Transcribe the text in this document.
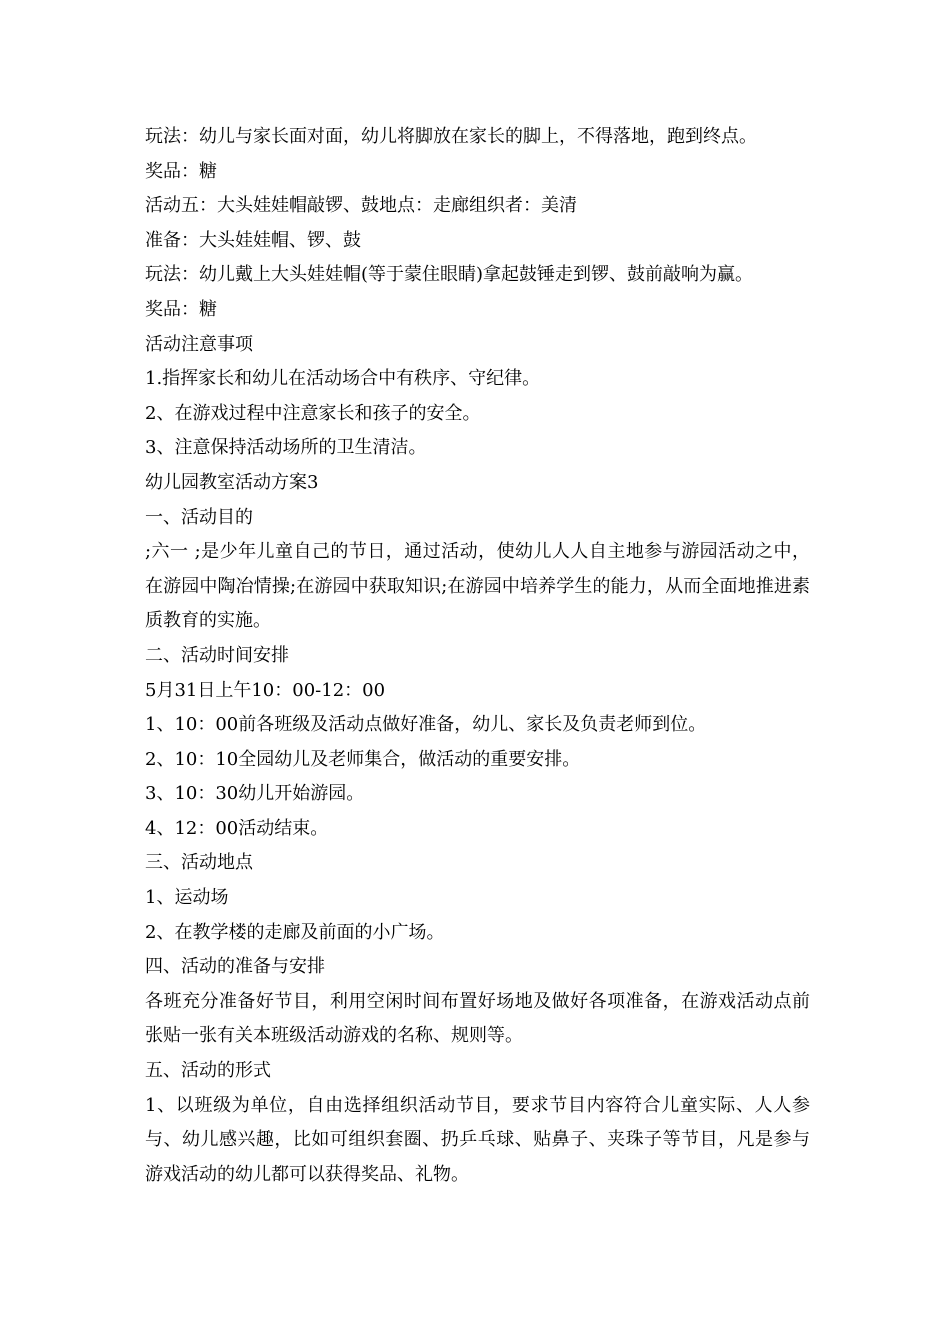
玩法：幼儿与家长面对面，幼儿将脚放在家长的脚上，不得落地，跑到终点。

奖品：糖

活动五：大头娃娃帽敲锣、鼓地点：走廊组织者：美清

准备：大头娃娃帽、锣、鼓

玩法：幼儿戴上大头娃娃帽(等于蒙住眼睛)拿起鼓锤走到锣、鼓前敲响为赢。

奖品：糖

活动注意事项

1.指挥家长和幼儿在活动场合中有秩序、守纪律。

2、在游戏过程中注意家长和孩子的安全。

3、注意保持活动场所的卫生清洁。

幼儿园教室活动方案3

一、活动目的

;六一 ;是少年儿童自己的节日，通过活动，使幼儿人人自主地参与游园活动之中，在游园中陶冶情操;在游园中获取知识;在游园中培养学生的能力，从而全面地推进素质教育的实施。

二、活动时间安排

5月31日上午10：00-12：00

1、10：00前各班级及活动点做好准备，幼儿、家长及负责老师到位。

2、10：10全园幼儿及老师集合，做活动的重要安排。

3、10：30幼儿开始游园。

4、12：00活动结束。

三、活动地点

1、运动场

2、在教学楼的走廊及前面的小广场。

四、活动的准备与安排

各班充分准备好节目，利用空闲时间布置好场地及做好各项准备，在游戏活动点前张贴一张有关本班级活动游戏的名称、规则等。

五、活动的形式

1、以班级为单位，自由选择组织活动节目，要求节目内容符合儿童实际、人人参与、幼儿感兴趣，比如可组织套圈、扔乒乓球、贴鼻子、夹珠子等节目，凡是参与游戏活动的幼儿都可以获得奖品、礼物。
